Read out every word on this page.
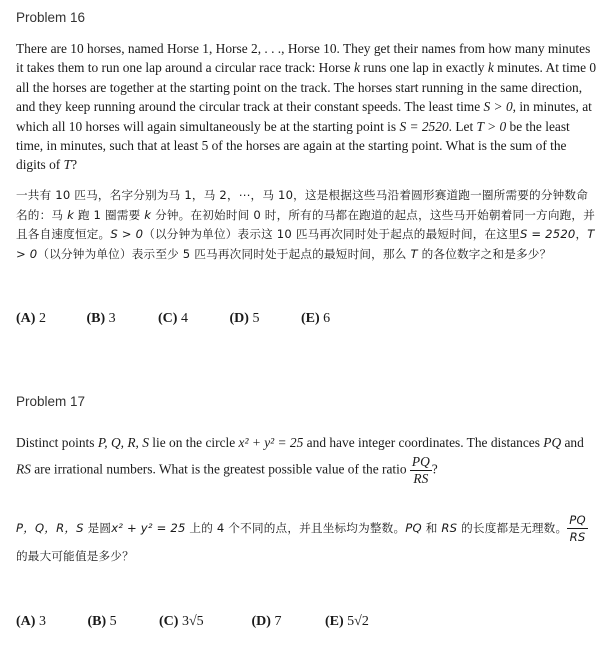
Problem 16

There are 10 horses, named Horse 1, Horse 2, . . ., Horse 10. They get their names from how many minutes it takes them to run one lap around a circular race track: Horse k runs one lap in exactly k minutes. At time 0 all the horses are together at the starting point on the track. The horses start running in the same direction, and they keep running around the circular track at their constant speeds. The least time S > 0, in minutes, at which all 10 horses will again simultaneously be at the starting point is S = 2520. Let T > 0 be the least time, in minutes, such that at least 5 of the horses are again at the starting point. What is the sum of the digits of T?

一共有 10 匹马，名字分别为马 1，马 2，⋯，马 10，这是根据这些马沿着圆形赛道跑一圈所需要的分钟数命名的：马 k 跑 1 圈需要 k 分钟。在初始时间 0 时，所有的马都在跑道的起点，这些马开始朝着同一方向跑，并且各自速度恒定。S > 0（以分钟为单位）表示这 10 匹马再次同时处于起点的最短时间，在这里S = 2520，T > 0（以分钟为单位）表示至少 5 匹马再次同时处于起点的最短时间，那么 T 的各位数字之和是多少？

(A) 2	(B) 3	(C) 4	(D) 5	(E) 6
Problem 17

Distinct points P, Q, R, S lie on the circle x² + y² = 25 and have integer coordinates. The distances PQ and RS are irrational numbers. What is the greatest possible value of the ratio $\frac{PQ}{RS}$ ?

P，Q，R，S 是圆x² + y² = 25 上的 4 个不同的点，并且坐标均为整数。PQ 和 RS 的长度都是无理数。 $\frac{PQ}{RS}$
的最大可能值是多少？

(A) 3	(B) 5	(C) 3√5	(D) 7	(E) 5√2
